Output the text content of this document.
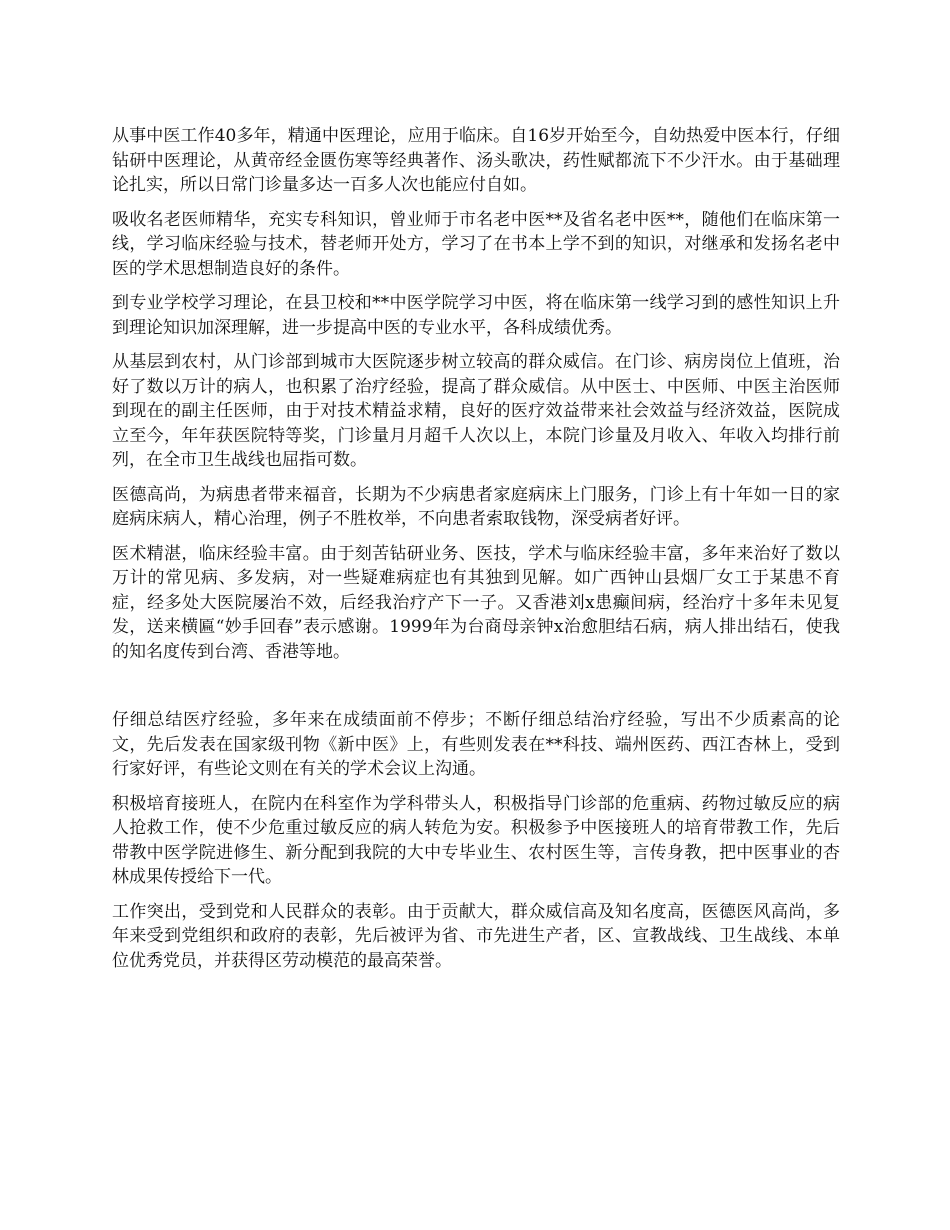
从事中医工作40多年，精通中医理论，应用于临床。自16岁开始至今，自幼热爱中医本行，仔细钻研中医理论，从黄帝经金匮伤寒等经典著作、汤头歌决，药性赋都流下不少汗水。由于基础理论扎实，所以日常门诊量多达一百多人次也能应付自如。

吸收名老医师精华，充实专科知识，曾业师于市名老中医**及省名老中医**，随他们在临床第一线，学习临床经验与技术，替老师开处方，学习了在书本上学不到的知识，对继承和发扬名老中医的学术思想制造良好的条件。

到专业学校学习理论，在县卫校和**中医学院学习中医，将在临床第一线学习到的感性知识上升到理论知识加深理解，进一步提高中医的专业水平，各科成绩优秀。

从基层到农村，从门诊部到城市大医院逐步树立较高的群众威信。在门诊、病房岗位上值班，治好了数以万计的病人，也积累了治疗经验，提高了群众威信。从中医士、中医师、中医主治医师到现在的副主任医师，由于对技术精益求精，良好的医疗效益带来社会效益与经济效益，医院成立至今，年年获医院特等奖，门诊量月月超千人次以上，本院门诊量及月收入、年收入均排行前列，在全市卫生战线也屈指可数。

医德高尚，为病患者带来福音，长期为不少病患者家庭病床上门服务，门诊上有十年如一日的家庭病床病人，精心治理，例子不胜枚举，不向患者索取钱物，深受病者好评。

医术精湛，临床经验丰富。由于刻苦钻研业务、医技，学术与临床经验丰富，多年来治好了数以万计的常见病、多发病，对一些疑难病症也有其独到见解。如广西钟山县烟厂女工于某患不育症，经多处大医院屡治不效，后经我治疗产下一子。又香港刘x患癫间病，经治疗十多年未见复发，送来横匾“妙手回春”表示感谢。1999年为台商母亲钟x治愈胆结石病，病人排出结石，使我的知名度传到台湾、香港等地。

仔细总结医疗经验，多年来在成绩面前不停步；不断仔细总结治疗经验，写出不少质素高的论文，先后发表在国家级刊物《新中医》上，有些则发表在**科技、端州医药、西江杏林上，受到行家好评，有些论文则在有关的学术会议上沟通。

积极培育接班人，在院内在科室作为学科带头人，积极指导门诊部的危重病、药物过敏反应的病人抢救工作，使不少危重过敏反应的病人转危为安。积极参予中医接班人的培育带教工作，先后带教中医学院进修生、新分配到我院的大中专毕业生、农村医生等，言传身教，把中医事业的杏林成果传授给下一代。

工作突出，受到党和人民群众的表彰。由于贡献大，群众威信高及知名度高，医德医风高尚，多年来受到党组织和政府的表彰，先后被评为省、市先进生产者，区、宣教战线、卫生战线、本单位优秀党员，并获得区劳动模范的最高荣誉。
